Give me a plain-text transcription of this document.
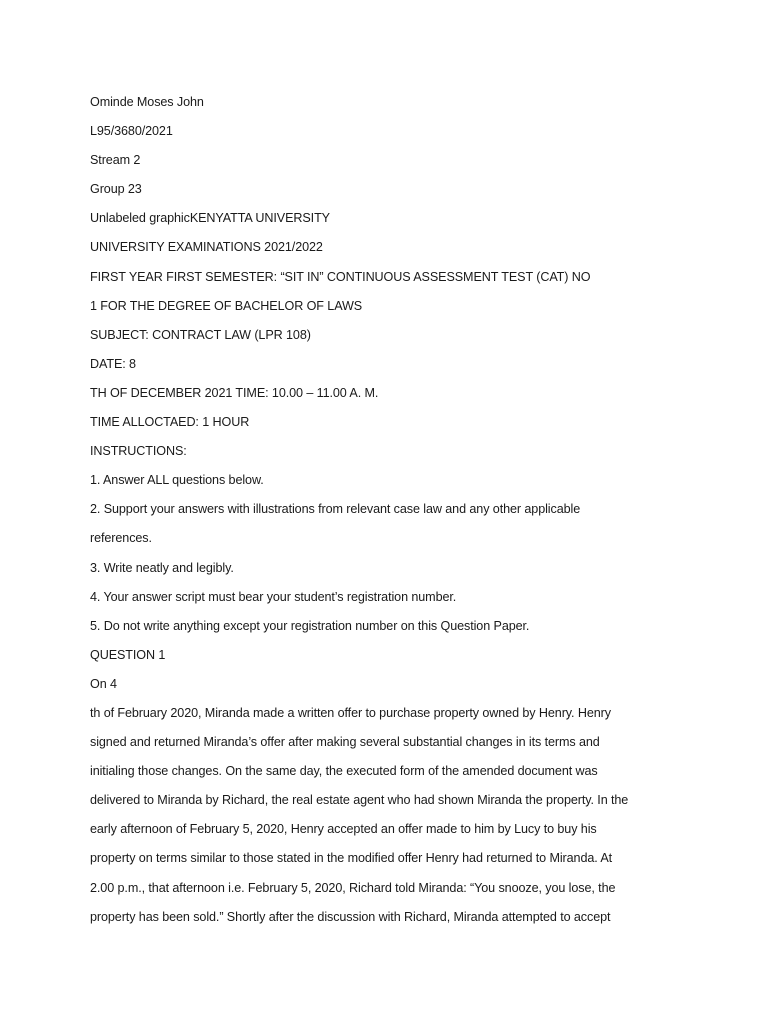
Ominde Moses John
L95/3680/2021
Stream 2
Group 23
Unlabeled graphicKENYATTA UNIVERSITY
UNIVERSITY EXAMINATIONS 2021/2022
FIRST YEAR FIRST SEMESTER: “SIT IN” CONTINUOUS ASSESSMENT TEST (CAT) NO
1 FOR THE DEGREE OF BACHELOR OF LAWS
SUBJECT: CONTRACT LAW (LPR 108)
DATE: 8
TH OF DECEMBER 2021 TIME: 10.00 – 11.00 A. M.
TIME ALLOCTAED: 1 HOUR
INSTRUCTIONS:
1. Answer ALL questions below.
2. Support your answers with illustrations from relevant case law and any other applicable
references.
3. Write neatly and legibly.
4. Your answer script must bear your student’s registration number.
5. Do not write anything except your registration number on this Question Paper.
QUESTION 1
On 4
th of February 2020, Miranda made a written offer to purchase property owned by Henry. Henry
signed and returned Miranda’s offer after making several substantial changes in its terms and
initialing those changes. On the same day, the executed form of the amended document was
delivered to Miranda by Richard, the real estate agent who had shown Miranda the property. In the
early afternoon of February 5, 2020, Henry accepted an offer made to him by Lucy to buy his
property on terms similar to those stated in the modified offer Henry had returned to Miranda. At
2.00 p.m., that afternoon i.e. February 5, 2020, Richard told Miranda: “You snooze, you lose, the
property has been sold.” Shortly after the discussion with Richard, Miranda attempted to accept
